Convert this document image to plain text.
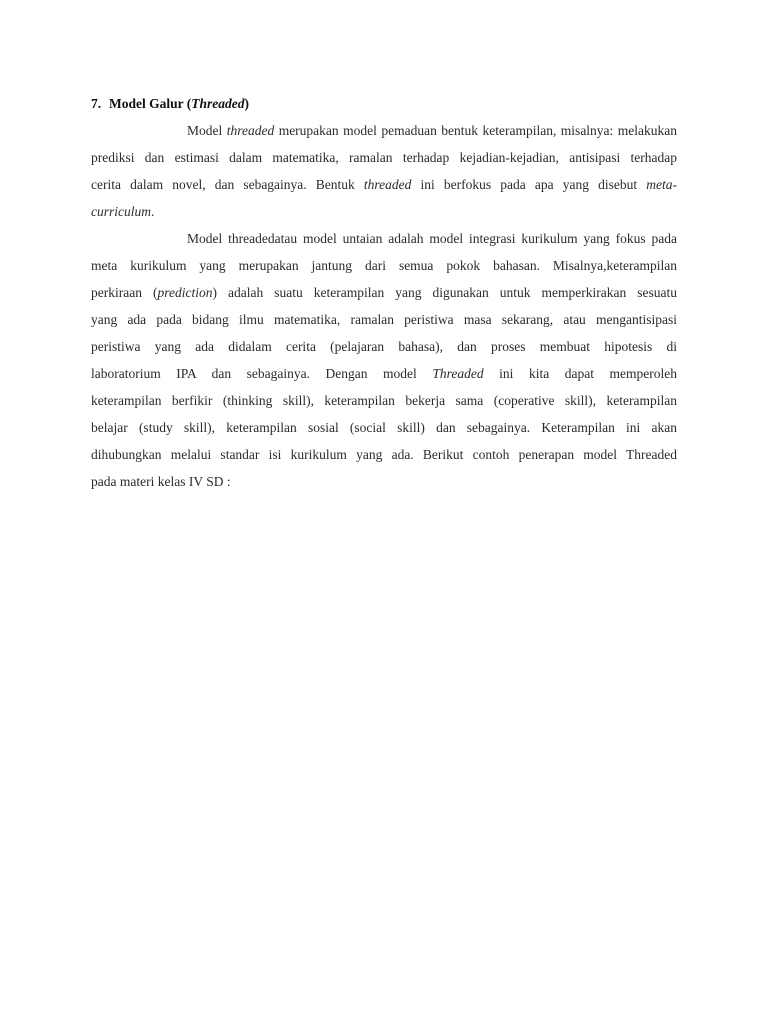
7. Model Galur (Threaded)

Model threaded merupakan model pemaduan bentuk keterampilan, misalnya: melakukan
prediksi dan estimasi dalam matematika, ramalan terhadap kejadian-kejadian, antisipasi terhadap
cerita dalam novel, dan sebagainya. Bentuk threaded ini berfokus pada apa yang disebut meta-
curriculum.
Model threadedatau model untaian adalah model integrasi kurikulum yang fokus pada
meta kurikulum yang merupakan jantung dari semua pokok bahasan. Misalnya,keterampilan
perkiraan (prediction) adalah suatu keterampilan yang digunakan untuk memperkirakan sesuatu
yang ada pada bidang ilmu matematika, ramalan peristiwa masa sekarang, atau mengantisipasi
peristiwa yang ada didalam cerita (pelajaran bahasa), dan proses membuat hipotesis di
laboratorium IPA dan sebagainya. Dengan model Threaded ini kita dapat memperoleh
keterampilan berfikir (thinking skill), keterampilan bekerja sama (coperative skill), keterampilan
belajar (study skill), keterampilan sosial (social skill) dan sebagainya. Keterampilan ini akan
dihubungkan melalui standar isi kurikulum yang ada. Berikut contoh penerapan model Threaded
pada materi kelas IV SD :
